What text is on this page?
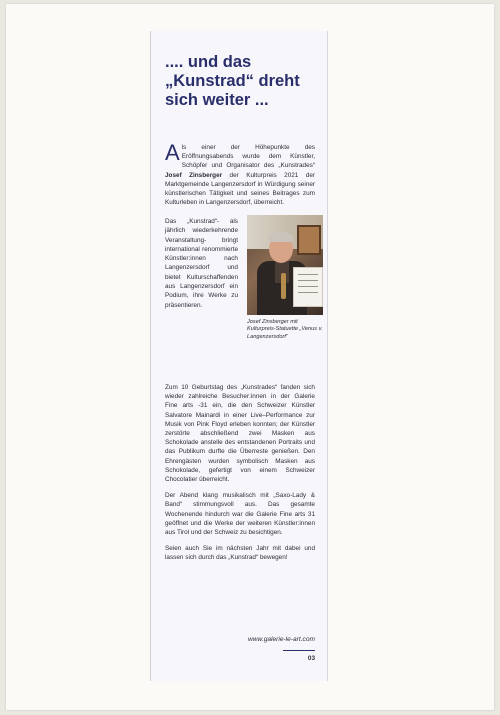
.... und das
„Kunstrad“ dreht
sich weiter ...
Als einer der Höhepunkte des Eröffnungsabends wurde dem Künstler, Schöpfer und Organisator des „Kunstrades“ Josef Zinsberger der Kulturpreis 2021 der Marktgemeinde Langenzersdorf in Würdigung seiner künstlerischen Tätigkeit und seines Beitrages zum Kulturleben in Langenzersdorf, überreicht.
Das „Kunstrad“- als jährlich wiederkehrende Veranstaltung- bringt international renommierte Künstler:innen nach Langenzersdorf und bietet Kulturschaffenden aus Langenzersdorf ein Podium, ihre Werke zu präsentieren.
Josef Zinsberger mit Kulturpreis-Statuette „Venus v. Langenzersdorf“

Zum 10 Geburtstag des „Kunstrades“ fanden sich wieder zahlreiche Besucher:innen in der Galerie Fine arts -31 ein, die den Schweizer Künstler Salvatore Mainardi in einer Live–Performance zur Musik von Pink Floyd erleben konnten; der Künstler zerstörte abschließend zwei Masken aus Schokolade anstelle des entstandenen Portraits und das Publikum durfte die Überreste genießen. Den Ehrengästen wurden symbolisch Masken aus Schokolade, gefertigt von einem Schweizer Chocolatier überreicht.

Der Abend klang musikalisch mit „Saxo-Lady & Band“ stimmungsvoll aus. Das gesamte Wochenende hindurch war die Galerie Fine arts 31 geöffnet und die Werke der weiteren Künstler:innen aus Tirol und der Schweiz zu besichtigen.

Seien auch Sie im nächsten Jahr mit dabei und lassen sich durch das „Kunstrad“ bewegen!

www.galerie-le-art.com
03
